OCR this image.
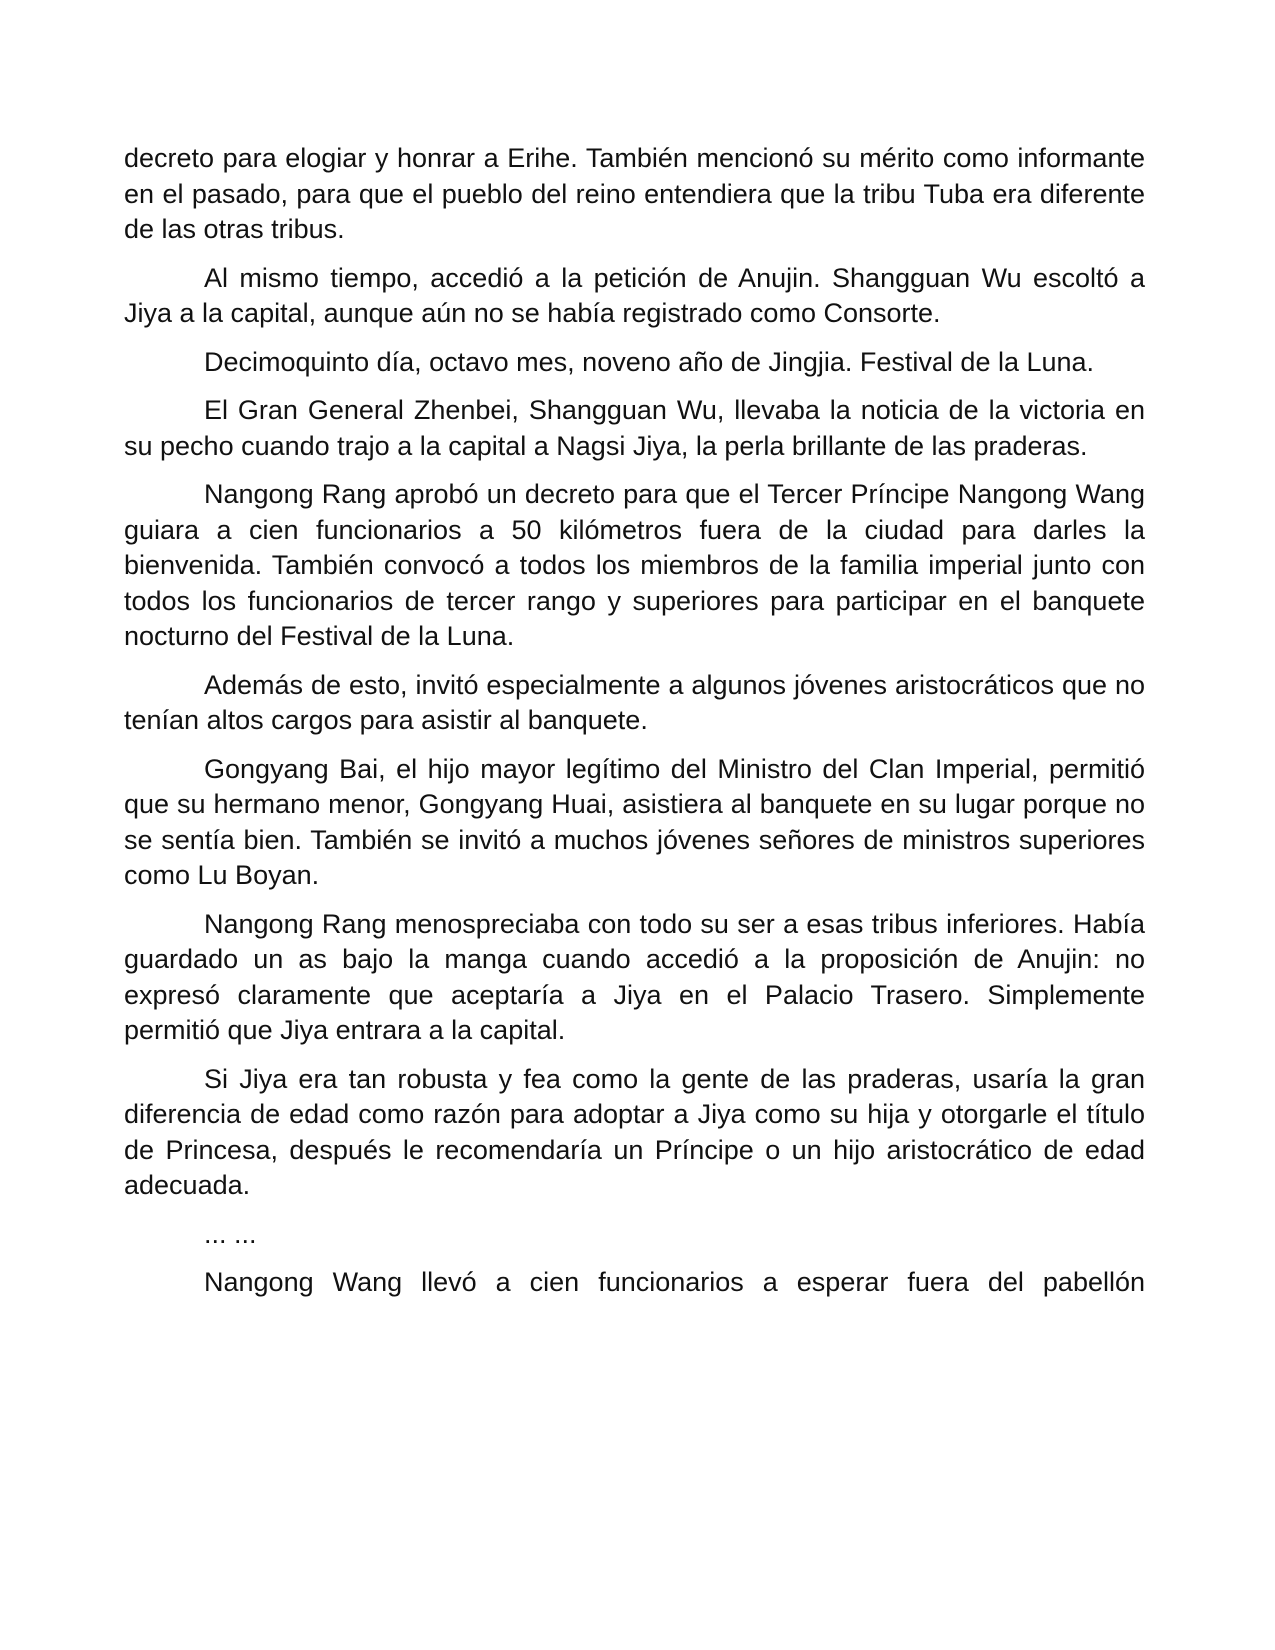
decreto para elogiar y honrar a Erihe. También mencionó su mérito como informante en el pasado, para que el pueblo del reino entendiera que la tribu Tuba era diferente de las otras tribus.

Al mismo tiempo, accedió a la petición de Anujin. Shangguan Wu escoltó a Jiya a la capital, aunque aún no se había registrado como Consorte.

Decimoquinto día, octavo mes, noveno año de Jingjia. Festival de la Luna.

El Gran General Zhenbei, Shangguan Wu, llevaba la noticia de la victoria en su pecho cuando trajo a la capital a Nagsi Jiya, la perla brillante de las praderas.

Nangong Rang aprobó un decreto para que el Tercer Príncipe Nangong Wang guiara a cien funcionarios a 50 kilómetros fuera de la ciudad para darles la bienvenida. También convocó a todos los miembros de la familia imperial junto con todos los funcionarios de tercer rango y superiores para participar en el banquete nocturno del Festival de la Luna.

Además de esto, invitó especialmente a algunos jóvenes aristocráticos que no tenían altos cargos para asistir al banquete.

Gongyang Bai, el hijo mayor legítimo del Ministro del Clan Imperial, permitió que su hermano menor, Gongyang Huai, asistiera al banquete en su lugar porque no se sentía bien. También se invitó a muchos jóvenes señores de ministros superiores como Lu Boyan.

Nangong Rang menospreciaba con todo su ser a esas tribus inferiores. Había guardado un as bajo la manga cuando accedió a la proposición de Anujin: no expresó claramente que aceptaría a Jiya en el Palacio Trasero. Simplemente permitió que Jiya entrara a la capital.

Si Jiya era tan robusta y fea como la gente de las praderas, usaría la gran diferencia de edad como razón para adoptar a Jiya como su hija y otorgarle el título de Princesa, después le recomendaría un Príncipe o un hijo aristocrático de edad adecuada.

... ...

Nangong Wang llevó a cien funcionarios a esperar fuera del pabellón
